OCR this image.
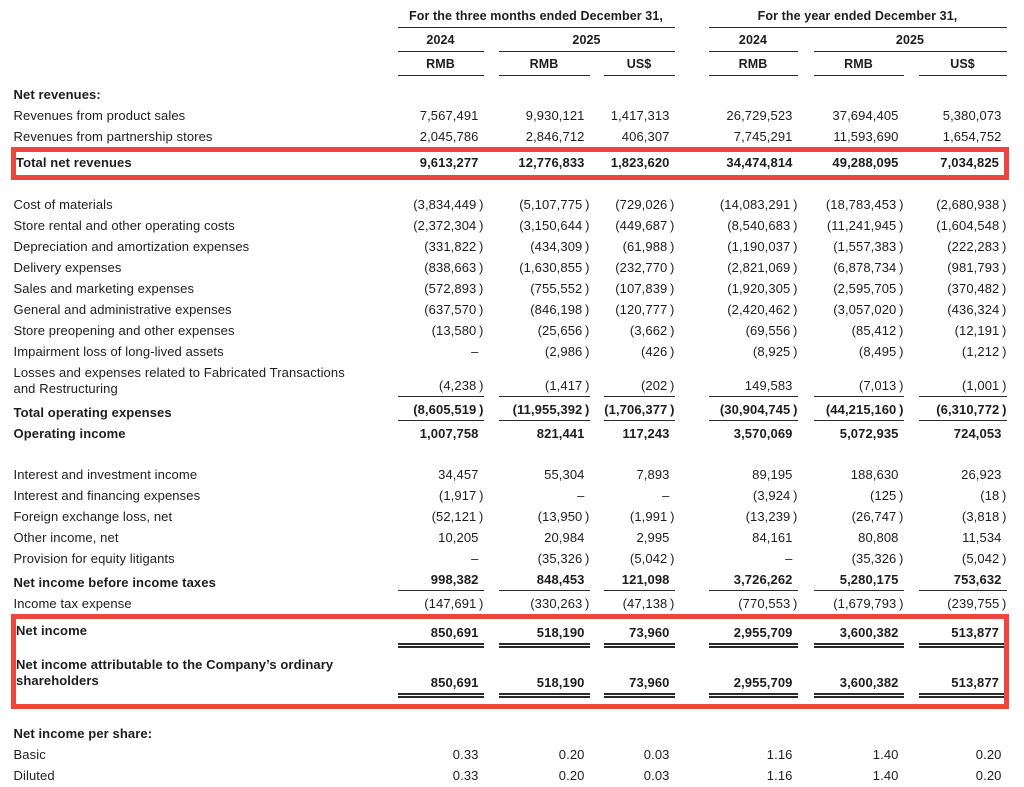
	For the three months ended December 31,			For the year ended December 31,		

	2024	2025		2024	2025	

	RMB	RMB	US$	RMB	RMB	US$

Net revenues:						

Revenues from product sales	7,567,491	9,930,121	1,417,313	26,729,523	37,694,405	5,380,073

Revenues from partnership stores	2,045,786	2,846,712	406,307	7,745,291	11,593,690	1,654,752

Total net revenues	9,613,277	12,776,833	1,823,620	34,474,814	49,288,095	7,034,825

Cost of materials	(3,834,449 )	(5,107,775 )	(729,026 )	(14,083,291 )	(18,783,453 )	(2,680,938 )

Store rental and other operating costs	(2,372,304 )	(3,150,644 )	(449,687 )	(8,540,683 )	(11,241,945 )	(1,604,548 )

Depreciation and amortization expenses	(331,822 )	(434,309 )	(61,988 )	(1,190,037 )	(1,557,383 )	(222,283 )

Delivery expenses	(838,663 )	(1,630,855 )	(232,770 )	(2,821,069 )	(6,878,734 )	(981,793 )

Sales and marketing expenses	(572,893 )	(755,552 )	(107,839 )	(1,920,305 )	(2,595,705 )	(370,482 )

General and administrative expenses	(637,570 )	(846,198 )	(120,777 )	(2,420,462 )	(3,057,020 )	(436,324 )

Store preopening and other expenses	(13,580 )	(25,656 )	(3,662 )	(69,556 )	(85,412 )	(12,191 )

Impairment loss of long-lived assets	–	(2,986 )	(426 )	(8,925 )	(8,495 )	(1,212 )

Losses and expenses related to Fabricated Transactions and Restructuring	(4,238 )	(1,417 )	(202 )	149,583	(7,013 )	(1,001 )

Total operating expenses	(8,605,519 )	(11,955,392 )	(1,706,377 )	(30,904,745 )	(44,215,160 )	(6,310,772 )

Operating income	1,007,758	821,441	117,243	3,570,069	5,072,935	724,053

Interest and investment income	34,457	55,304	7,893	89,195	188,630	26,923

Interest and financing expenses	(1,917 )	–	–	(3,924 )	(125 )	(18 )

Foreign exchange loss, net	(52,121 )	(13,950 )	(1,991 )	(13,239 )	(26,747 )	(3,818 )

Other income, net	10,205	20,984	2,995	84,161	80,808	11,534

Provision for equity litigants	–	(35,326 )	(5,042 )	–	(35,326 )	(5,042 )

Net income before income taxes	998,382	848,453	121,098	3,726,262	5,280,175	753,632

Income tax expense	(147,691 )	(330,263 )	(47,138 )	(770,553 )	(1,679,793 )	(239,755 )

Net income	850,691	518,190	73,960	2,955,709	3,600,382	513,877

Net income attributable to the Company’s ordinary shareholders	850,691	518,190	73,960	2,955,709	3,600,382	513,877

Net income per share:						

Basic	0.33	0.20	0.03	1.16	1.40	0.20

Diluted	0.33	0.20	0.03	1.16	1.40	0.20
